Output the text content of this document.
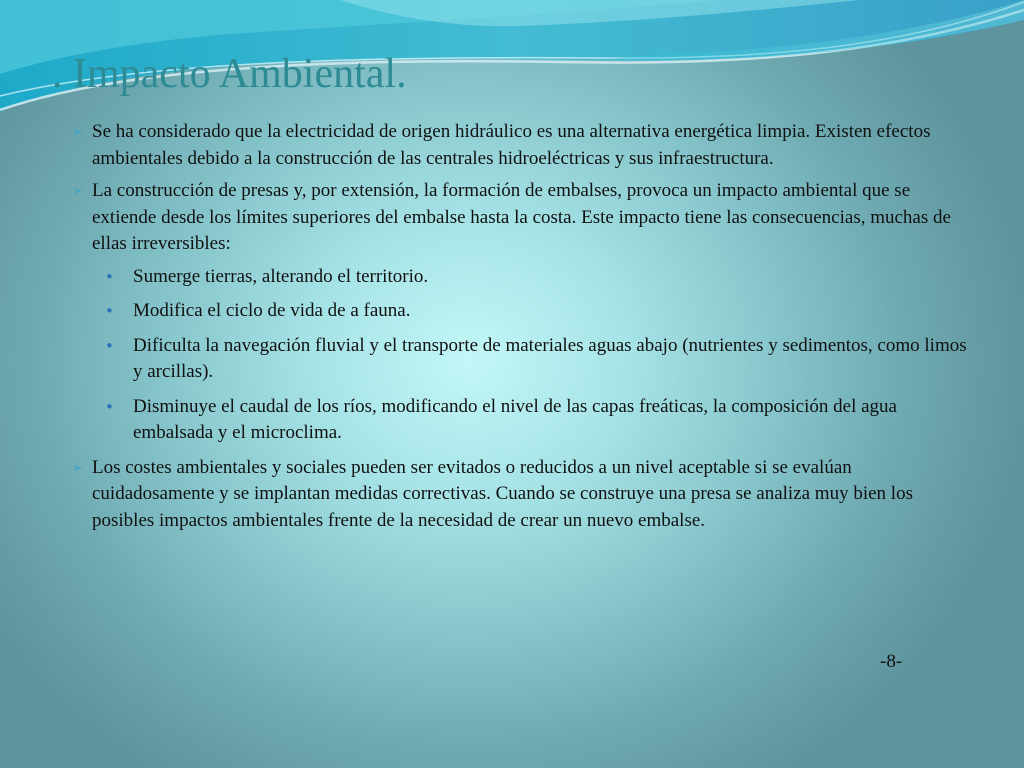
. Impacto Ambiental.
➢ Se ha considerado que la electricidad de origen hidráulico es una alternativa energética limpia. Existen efectos ambientales debido a la construcción de las centrales hidroeléctricas y sus infraestructura.
➢ La construcción de presas y, por extensión, la formación de embalses, provoca un impacto ambiental que se extiende desde los límites superiores del embalse hasta la costa. Este impacto tiene las consecuencias, muchas de ellas irreversibles:
• Sumerge tierras, alterando el territorio.
• Modifica el ciclo de vida de a fauna.
• Dificulta la navegación fluvial y el transporte de materiales aguas abajo (nutrientes y sedimentos, como limos y arcillas).
• Disminuye el caudal de los ríos, modificando el nivel de las capas freáticas, la composición del agua embalsada y el microclima.
➢ Los costes ambientales y sociales pueden ser evitados o reducidos a un nivel aceptable si se evalúan cuidadosamente y se implantan medidas correctivas. Cuando se construye una presa se analiza muy bien los posibles impactos ambientales frente de la necesidad de crear un nuevo embalse.
-8-
